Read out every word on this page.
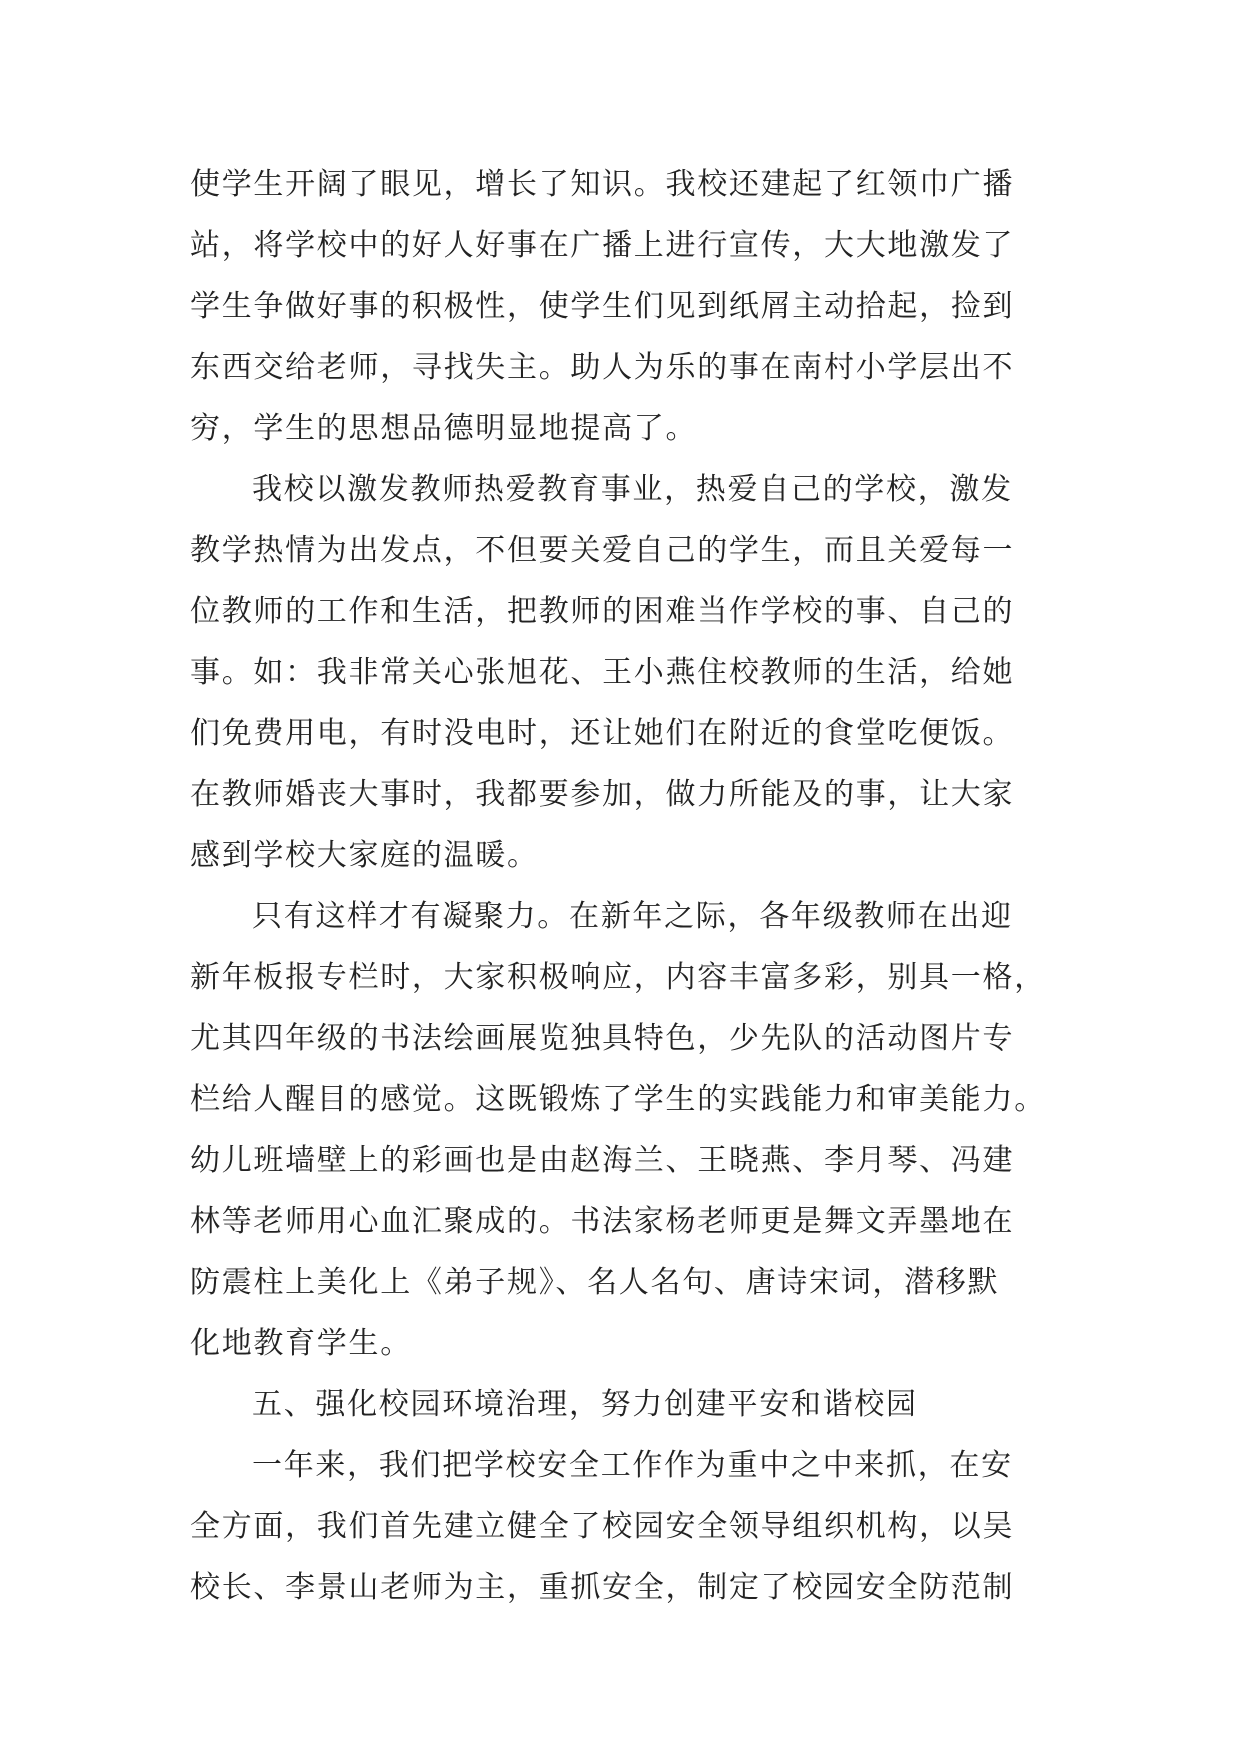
使学生开阔了眼见，增长了知识。我校还建起了红领巾广播
站，将学校中的好人好事在广播上进行宣传，大大地激发了
学生争做好事的积极性，使学生们见到纸屑主动拾起，捡到
东西交给老师，寻找失主。助人为乐的事在南村小学层出不
穷，学生的思想品德明显地提高了。
我校以激发教师热爱教育事业，热爱自己的学校，激发
教学热情为出发点，不但要关爱自己的学生，而且关爱每一
位教师的工作和生活，把教师的困难当作学校的事、自己的
事。如：我非常关心张旭花、王小燕住校教师的生活，给她
们免费用电，有时没电时，还让她们在附近的食堂吃便饭。
在教师婚丧大事时，我都要参加，做力所能及的事，让大家
感到学校大家庭的温暖。
只有这样才有凝聚力。在新年之际，各年级教师在出迎
新年板报专栏时，大家积极响应，内容丰富多彩，别具一格，
尤其四年级的书法绘画展览独具特色，少先队的活动图片专
栏给人醒目的感觉。这既锻炼了学生的实践能力和审美能力。
幼儿班墙壁上的彩画也是由赵海兰、王晓燕、李月琴、冯建
林等老师用心血汇聚成的。书法家杨老师更是舞文弄墨地在
防震柱上美化上《弟子规》、名人名句、唐诗宋词，潜移默
化地教育学生。
五、强化校园环境治理，努力创建平安和谐校园
一年来，我们把学校安全工作作为重中之中来抓，在安
全方面，我们首先建立健全了校园安全领导组织机构，以吴
校长、李景山老师为主，重抓安全，制定了校园安全防范制
